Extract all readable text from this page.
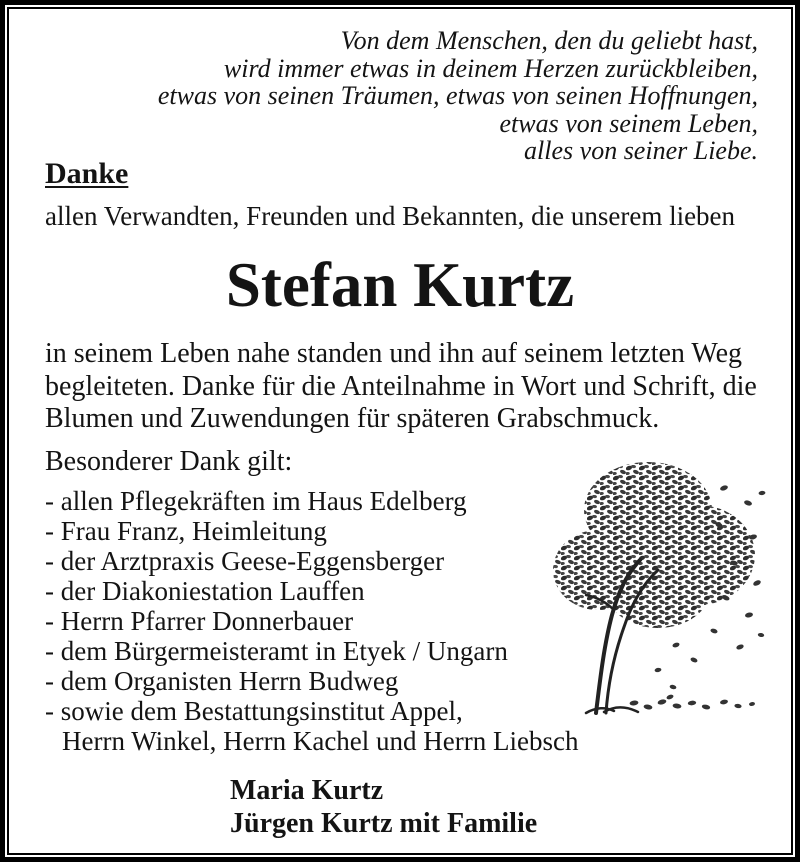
Von dem Menschen, den du geliebt hast,
wird immer etwas in deinem Herzen zurückbleiben,
etwas von seinen Träumen, etwas von seinen Hoffnungen,
etwas von seinem Leben,
alles von seiner Liebe.
Danke
allen Verwandten, Freunden und Bekannten, die unserem lieben
Stefan Kurtz
in seinem Leben nahe standen und ihn auf seinem letzten Weg
begleiteten. Danke für die Anteilnahme in Wort und Schrift, die
Blumen und Zuwendungen für späteren Grabschmuck.
Besonderer Dank gilt:
- allen Pflegekräften im Haus Edelberg
- Frau Franz, Heimleitung
- der Arztpraxis Geese-Eggensberger
- der Diakoniestation Lauffen
- Herrn Pfarrer Donnerbauer
- dem Bürgermeisteramt in Etyek / Ungarn
- dem Organisten Herrn Budweg
- sowie dem Bestattungsinstitut Appel,
Herrn Winkel, Herrn Kachel und Herrn Liebsch
Maria Kurtz
Jürgen Kurtz mit Familie
